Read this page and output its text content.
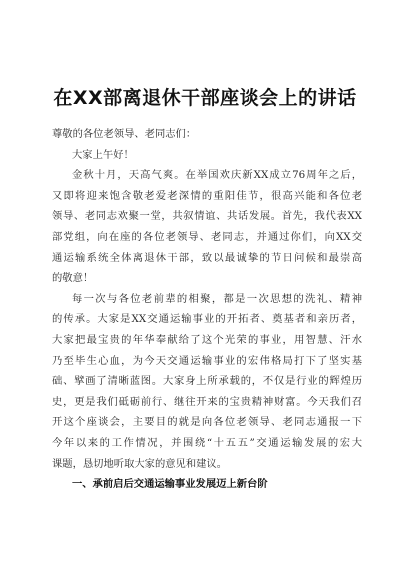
在XX部离退休干部座谈会上的讲话
尊敬的各位老领导、老同志们：
大家上午好！
金秋十月，天高气爽。在举国欢庆新XX成立76周年之后，
又即将迎来饱含敬老爱老深情的重阳佳节，很高兴能和各位老
领导、老同志欢聚一堂，共叙情谊、共话发展。首先，我代表XX
部党组，向在座的各位老领导、老同志，并通过你们，向XX交
通运输系统全体离退休干部，致以最诚挚的节日问候和最崇高
的敬意！
每一次与各位老前辈的相聚，都是一次思想的洗礼、精神
的传承。大家是XX交通运输事业的开拓者、奠基者和亲历者，
大家把最宝贵的年华奉献给了这个光荣的事业，用智慧、汗水
乃至毕生心血，为今天交通运输事业的宏伟格局打下了坚实基
础、擘画了清晰蓝图。大家身上所承载的，不仅是行业的辉煌历
史，更是我们砥砺前行、继往开来的宝贵精神财富。今天我们召
开这个座谈会，主要目的就是向各位老领导、老同志通报一下
今年以来的工作情况，并围绕“十五五”交通运输发展的宏大
课题，恳切地听取大家的意见和建议。
一、承前启后交通运输事业发展迈上新台阶
